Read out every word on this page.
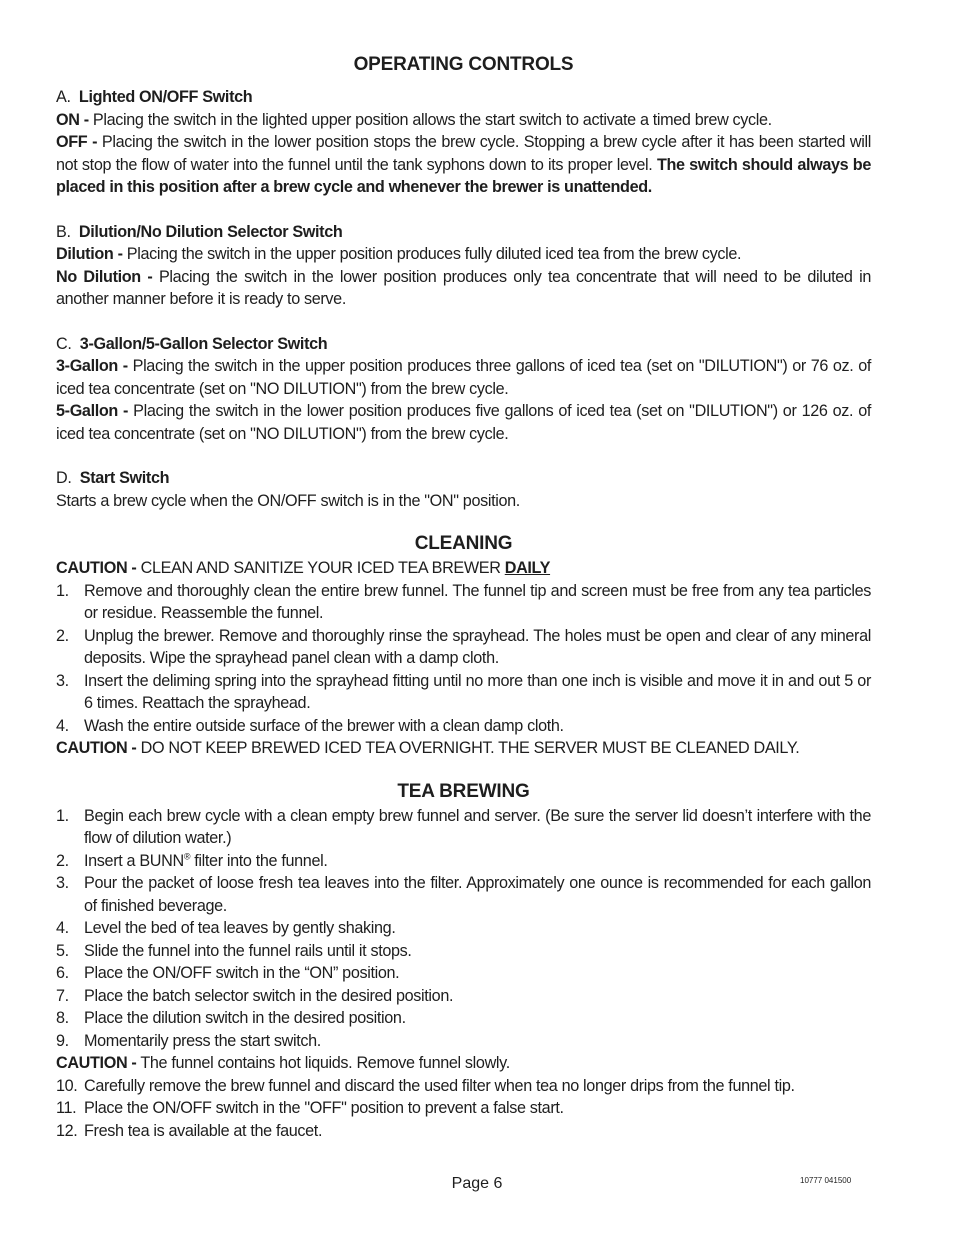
OPERATING CONTROLS

A. Lighted ON/OFF Switch

ON - Placing the switch in the lighted upper position allows the start switch to activate a timed brew cycle.

OFF - Placing the switch in the lower position stops the brew cycle. Stopping a brew cycle after it has been started will not stop the flow of water into the funnel until the tank syphons down to its proper level. The switch should always be placed in this position after a brew cycle and whenever the brewer is unattended.

B. Dilution/No Dilution Selector Switch

Dilution - Placing the switch in the upper position produces fully diluted iced tea from the brew cycle.

No Dilution - Placing the switch in the lower position produces only tea concentrate that will need to be diluted in another manner before it is ready to serve.

C. 3-Gallon/5-Gallon Selector Switch

3-Gallon - Placing the switch in the upper position produces three gallons of iced tea (set on "DILUTION") or 76 oz. of iced tea concentrate (set on "NO DILUTION") from the brew cycle.

5-Gallon - Placing the switch in the lower position produces five gallons of iced tea (set on "DILUTION") or 126 oz. of iced tea concentrate (set on "NO DILUTION") from the brew cycle.

D. Start Switch

Starts a brew cycle when the ON/OFF switch is in the "ON" position.

CLEANING

CAUTION - CLEAN AND SANITIZE YOUR ICED TEA BREWER DAILY

1. Remove and thoroughly clean the entire brew funnel. The funnel tip and screen must be free from any tea particles or residue. Reassemble the funnel.
2. Unplug the brewer. Remove and thoroughly rinse the sprayhead. The holes must be open and clear of any mineral deposits. Wipe the sprayhead panel clean with a damp cloth.
3. Insert the deliming spring into the sprayhead fitting until no more than one inch is visible and move it in and out 5 or 6 times. Reattach the sprayhead.
4. Wash the entire outside surface of the brewer with a clean damp cloth.

CAUTION - DO NOT KEEP BREWED ICED TEA OVERNIGHT. THE SERVER MUST BE CLEANED DAILY.

TEA BREWING
1. Begin each brew cycle with a clean empty brew funnel and server. (Be sure the server lid doesn’t interfere with the flow of dilution water.)
2. Insert a BUNN® filter into the funnel.
3. Pour the packet of loose fresh tea leaves into the filter. Approximately one ounce is recommended for each gallon of finished beverage.
4. Level the bed of tea leaves by gently shaking.
5. Slide the funnel into the funnel rails until it stops.
6. Place the ON/OFF switch in the “ON” position.
7. Place the batch selector switch in the desired position.
8. Place the dilution switch in the desired position.
9. Momentarily press the start switch.

CAUTION - The funnel contains hot liquids. Remove funnel slowly.

10. Carefully remove the brew funnel and discard the used filter when tea no longer drips from the funnel tip.
11. Place the ON/OFF switch in the "OFF" position to prevent a false start.
12. Fresh tea is available at the faucet.
Page 6	10777 041500
